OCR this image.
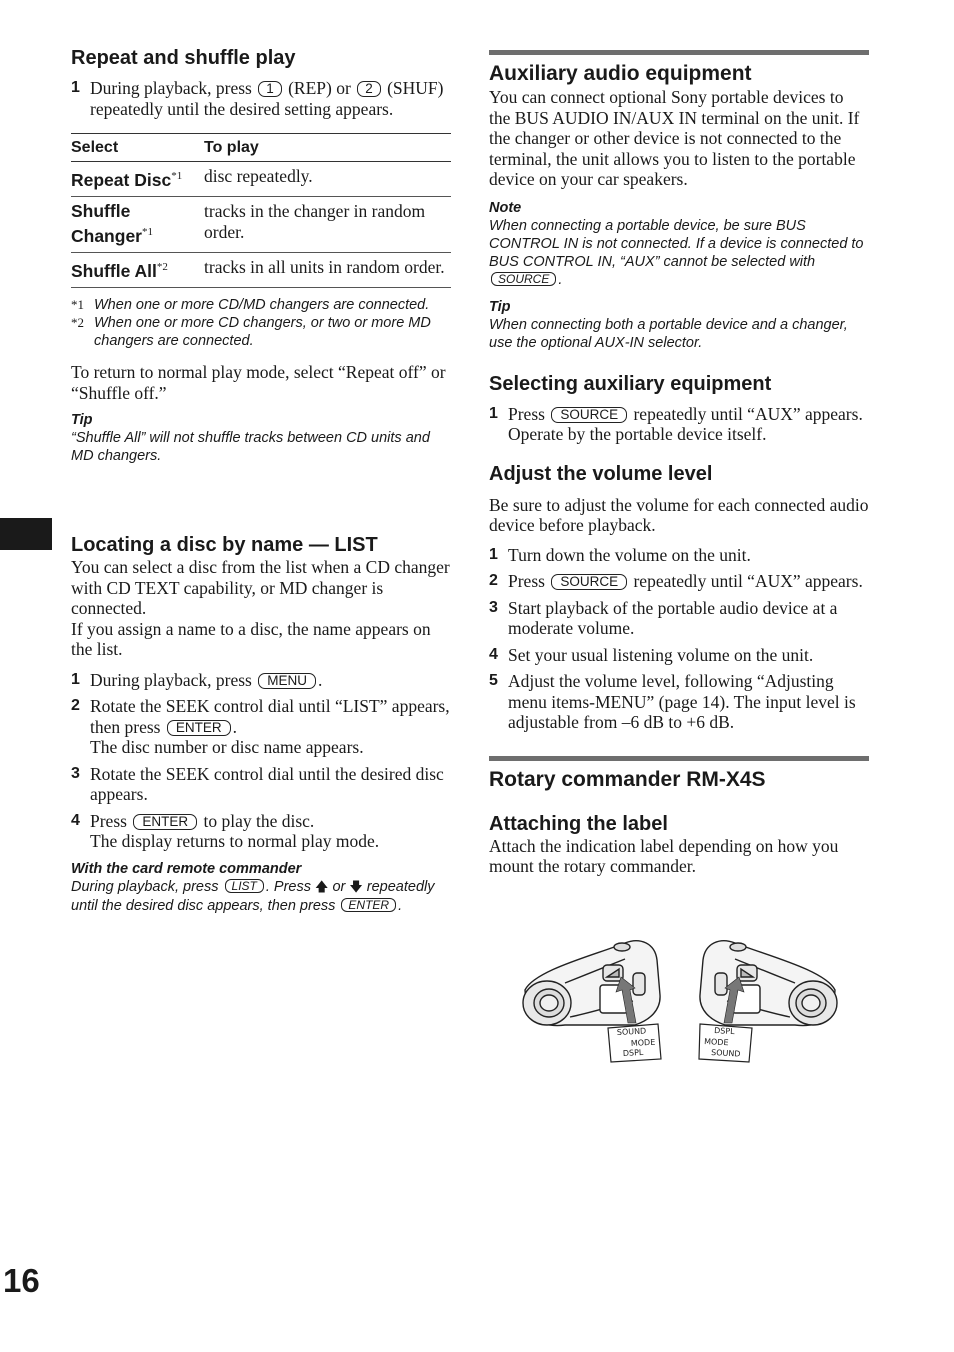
16
Repeat and shuffle play
1 During playback, press 1 (REP) or 2 (SHUF) repeatedly until the desired setting appears.
Select	To play
Repeat Disc$^{*1}$	disc repeatedly.
Shuffle Changer$^{*1}$	tracks in the changer in random order.
Shuffle All$^{*2}$	tracks in all units in random order.
*1 When one or more CD/MD changers are connected.
*2 When one or more CD changers, or two or more MD changers are connected.

To return to normal play mode, select “Repeat off” or “Shuffle off.”

Tip
“Shuffle All” will not shuffle tracks between CD units and MD changers.
Locating a disc by name — LIST

You can select a disc from the list when a CD changer with CD TEXT capability, or MD changer is connected.

If you assign a name to a disc, the name appears on the list.

1 During playback, press MENU .
2 Rotate the SEEK control dial until “LIST” appears, then press ENTER .
The disc number or disc name appears.
3 Rotate the SEEK control dial until the desired disc appears.
4 Press ENTER to play the disc.
The display returns to normal play mode.
With the card remote commander
During playback, press LIST . Press 🡅 or 🡇 repeatedly until the desired disc appears, then press ENTER .
Auxiliary audio equipment

You can connect optional Sony portable devices to the BUS AUDIO IN/AUX IN terminal on the unit. If the changer or other device is not connected to the terminal, the unit allows you to listen to the portable device on your car speakers.

Note
When connecting a portable device, be sure BUS CONTROL IN is not connected. If a device is connected to BUS CONTROL IN, “AUX” cannot be selected with SOURCE .
Tip
When connecting both a portable device and a changer, use the optional AUX-IN selector.
Selecting auxiliary equipment
1 Press SOURCE repeatedly until “AUX” appears.
Operate by the portable device itself.
Adjust the volume level

Be sure to adjust the volume for each connected audio device before playback.

1 Turn down the volume on the unit.
2 Press SOURCE repeatedly until “AUX” appears.
3 Start playback of the portable audio device at a moderate volume.
4 Set your usual listening volume on the unit.
5 Adjust the volume level, following “Adjusting menu items-MENU” (page 14). The input level is adjustable from –6 dB to +6 dB.
Rotary commander RM-X4S
Attaching the label

Attach the indication label depending on how you mount the rotary commander.

SOUND
MODE
DSPL
DSPL
MODE
SOUND
